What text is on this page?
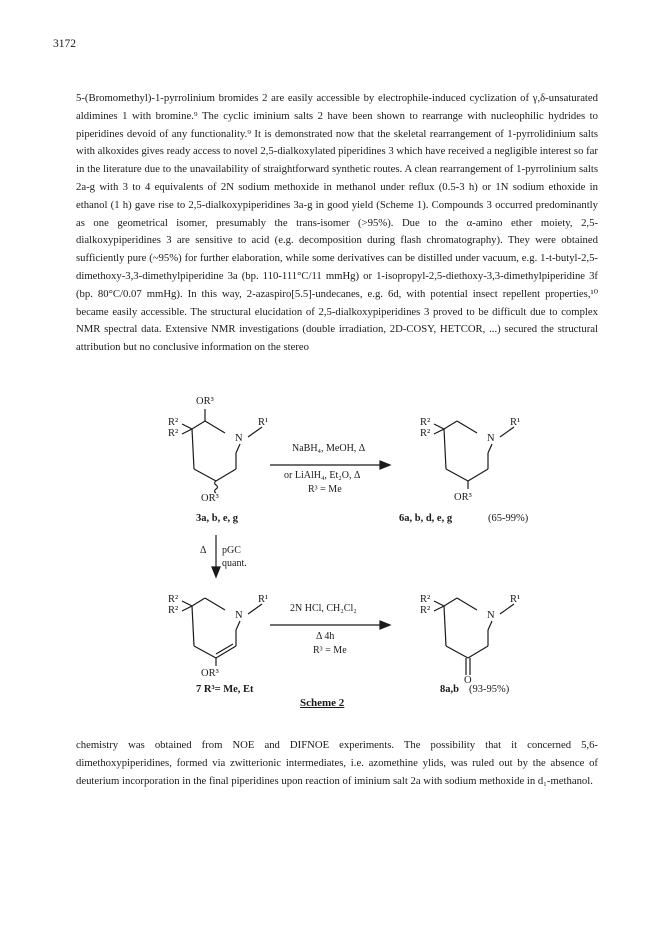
3172

5-(Bromomethyl)-1-pyrrolinium bromides 2 are easily accessible by electrophile-induced cyclization of γ,δ-unsaturated aldimines 1 with bromine.⁹ The cyclic iminium salts 2 have been shown to rearrange with nucleophilic hydrides to piperidines devoid of any functionality.⁹ It is demonstrated now that the skeletal rearrangement of 1-pyrrolidinium salts with alkoxides gives ready access to novel 2,5-dialkoxylated piperidines 3 which have received a negligible interest so far in the literature due to the unavailability of straightforward synthetic routes. A clean rearrangement of 1-pyrrolinium salts 2a-g with 3 to 4 equivalents of 2N sodium methoxide in methanol under reflux (0.5-3 h) or 1N sodium ethoxide in ethanol (1 h) gave rise to 2,5-dialkoxypiperidines 3a-g in good yield (Scheme 1). Compounds 3 occurred predominantly as one geometrical isomer, presumably the trans-isomer (>95%). Due to the α-amino ether moiety, 2,5-dialkoxypiperidines 3 are sensitive to acid (e.g. decomposition during flash chromatography). They were obtained sufficiently pure (~95%) for further elaboration, while some derivatives can be distilled under vacuum, e.g. 1-t-butyl-2,5-dimethoxy-3,3-dimethylpiperidine 3a (bp. 110-111°C/11 mmHg) or 1-isopropyl-2,5-diethoxy-3,3-dimethylpiperidine 3f (bp. 80°C/0.07 mmHg). In this way, 2-azaspiro[5.5]-undecanes, e.g. 6d, with potential insect repellent properties,¹⁰ became easily accessible. The structural elucidation of 2,5-dialkoxypiperidines 3 proved to be difficult due to complex NMR spectral data. Extensive NMR investigations (double irradiation, 2D-COSY, HETCOR, ...) secured the structural attribution but no conclusive information on the stereo

OR³
R²
R²	N
R¹
OR³
3a, b, e, g
NaBH₄, MeOH, Δ
or LiAlH₄, Et₂O, Δ
R³ = Me
R²
R²	N
R¹
OR³
6a, b, d, e, g	(65-99%)
Δ pGC
quant.
R²
R²	N
R¹
OR³
7 R³= Me, Et
2N HCl, CH₂Cl₂
Δ 4h
R³ = Me
R²
R²	N
R¹
O
8a,b (93-95%)
Scheme 2

chemistry was obtained from NOE and DIFNOE experiments. The possibility that it concerned 5,6-dimethoxypiperidines, formed via zwitterionic intermediates, i.e. azomethine ylids, was ruled out by the absence of deuterium incorporation in the final piperidines upon reaction of iminium salt 2a with sodium methoxide in d₁-methanol.
